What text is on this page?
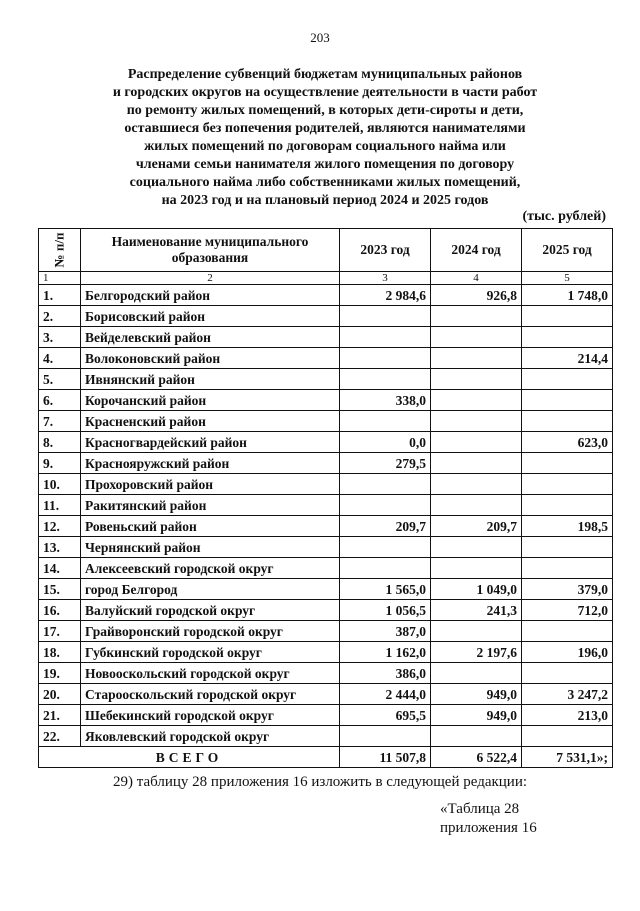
203
Распределение субвенций бюджетам муниципальных районов
и городских округов на осуществление деятельности в части работ
по ремонту жилых помещений, в которых дети-сироты и дети,
оставшиеся без попечения родителей, являются нанимателями
жилых помещений по договорам социального найма или
членами семьи нанимателя жилого помещения по договору
социального найма либо собственниками жилых помещений,
на 2023 год и на плановый период 2024 и 2025 годов
(тыс. рублей)
№ п/п	Наименование муниципального образования	2023 год	2024 год	2025 год
1	2	3	4	5
1.	Белгородский район	2 984,6	926,8	1 748,0
2.	Борисовский район			
3.	Вейделевский район			
4.	Волоконовский район			214,4
5.	Ивнянский район			
6.	Корочанский район	338,0		
7.	Красненский район			
8.	Красногвардейский район	0,0		623,0
9.	Краснояружский район	279,5		
10.	Прохоровский район			
11.	Ракитянский район			
12.	Ровеньский район	209,7	209,7	198,5
13.	Чернянский район			
14.	Алексеевский городской округ			
15.	город Белгород	1 565,0	1 049,0	379,0
16.	Валуйский городской округ	1 056,5	241,3	712,0
17.	Грайворонский городской округ	387,0		
18.	Губкинский городской округ	1 162,0	2 197,6	196,0
19.	Новооскольский городской округ	386,0		
20.	Старооскольский городской округ	2 444,0	949,0	3 247,2
21.	Шебекинский городской округ	695,5	949,0	213,0
22.	Яковлевский городской округ			
ВСЕГО		11 507,8	6 522,4	7 531,1»;
29) таблицу 28 приложения 16 изложить в следующей редакции:
«Таблица 28
приложения 16
